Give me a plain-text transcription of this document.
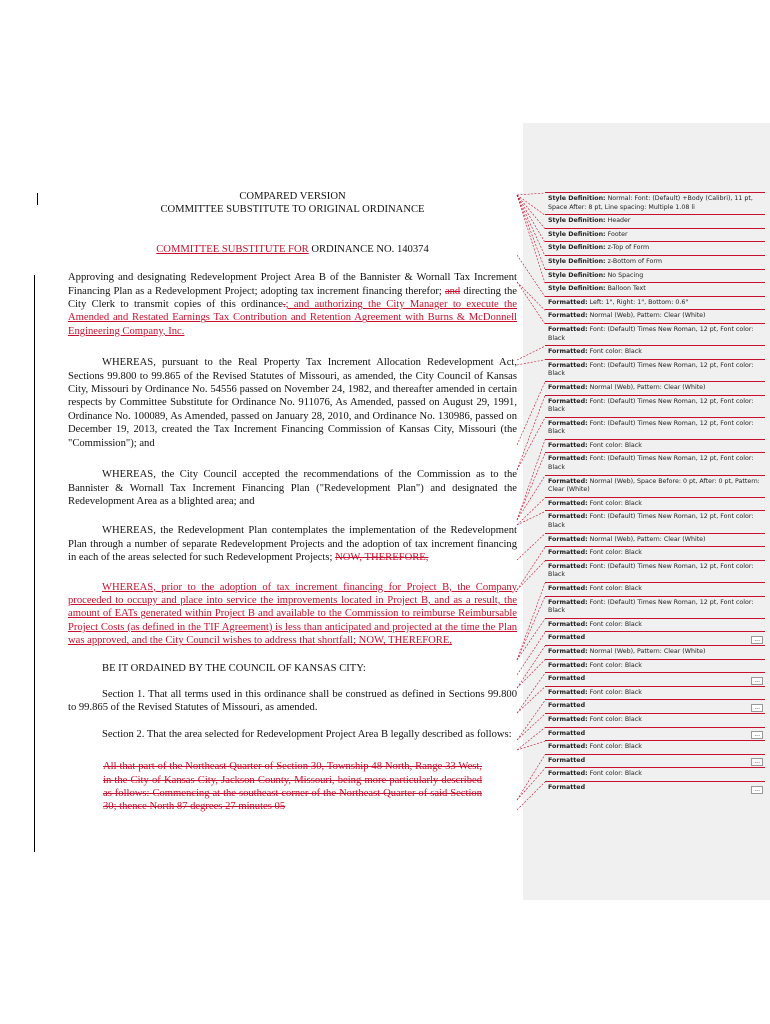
COMPARED VERSION

COMMITTEE SUBSTITUTE TO ORIGINAL ORDINANCE

COMMITTEE SUBSTITUTE FOR ORDINANCE NO. 140374

Approving and designating Redevelopment Project Area B of the Bannister & Wornall Tax Increment Financing Plan as a Redevelopment Project; adopting tax increment financing therefor; and directing the City Clerk to transmit copies of this ordinance.; and authorizing the City Manager to execute the Amended and Restated Earnings Tax Contribution and Retention Agreement with Burns & McDonnell Engineering Company, Inc.

WHEREAS, pursuant to the Real Property Tax Increment Allocation Redevelopment Act, Sections 99.800 to 99.865 of the Revised Statutes of Missouri, as amended, the City Council of Kansas City, Missouri by Ordinance No. 54556 passed on November 24, 1982, and thereafter amended in certain respects by Committee Substitute for Ordinance No. 911076, As Amended, passed on August 29, 1991, Ordinance No. 100089, As Amended, passed on January 28, 2010, and Ordinance No. 130986, passed on December 19, 2013, created the Tax Increment Financing Commission of Kansas City, Missouri (the "Commission"); and

WHEREAS, the City Council accepted the recommendations of the Commission as to the Bannister & Wornall Tax Increment Financing Plan ("Redevelopment Plan") and designated the Redevelopment Area as a blighted area; and

WHEREAS, the Redevelopment Plan contemplates the implementation of the Redevelopment Plan through a number of separate Redevelopment Projects and the adoption of tax increment financing in each of the areas selected for such Redevelopment Projects; NOW, THEREFORE,

WHEREAS, prior to the adoption of tax increment financing for Project B, the Company proceeded to occupy and place into service the improvements located in Project B, and as a result, the amount of EATs generated within Project B and available to the Commission to reimburse Reimbursable Project Costs (as defined in the TIF Agreement) is less than anticipated and projected at the time the Plan was approved, and the City Council wishes to address that shortfall; NOW, THEREFORE,

BE IT ORDAINED BY THE COUNCIL OF KANSAS CITY:

Section 1. That all terms used in this ordinance shall be construed as defined in Sections 99.800 to 99.865 of the Revised Statutes of Missouri, as amended.

Section 2. That the area selected for Redevelopment Project Area B legally described as follows:

All that part of the Northeast Quarter of Section 30, Township 48 North, Range 33 West, in the City of Kansas City, Jackson County, Missouri, being more particularly described as follows: Commencing at the southeast corner of the Northeast Quarter of said Section 30; thence North 87 degrees 27 minutes 05

Style Definition: Normal: Font: (Default) +Body (Calibri), 11 pt, Space After: 8 pt, Line spacing: Multiple 1.08 li
Style Definition: Header
Style Definition: Footer
Style Definition: z-Top of Form
Style Definition: z-Bottom of Form
Style Definition: No Spacing
Style Definition: Balloon Text
Formatted: Left: 1", Right: 1", Bottom: 0.6"
Formatted: Normal (Web), Pattern: Clear (White)
Formatted: Font: (Default) Times New Roman, 12 pt, Font color: Black
Formatted: Font color: Black
Formatted: Font: (Default) Times New Roman, 12 pt, Font color: Black
Formatted: Normal (Web), Pattern: Clear (White)
Formatted: Font: (Default) Times New Roman, 12 pt, Font color: Black
Formatted: Font: (Default) Times New Roman, 12 pt, Font color: Black
Formatted: Font color: Black
Formatted: Font: (Default) Times New Roman, 12 pt, Font color: Black
Formatted: Normal (Web), Space Before: 0 pt, After: 0 pt, Pattern: Clear (White)
Formatted: Font color: Black
Formatted: Font: (Default) Times New Roman, 12 pt, Font color: Black
Formatted: Normal (Web), Pattern: Clear (White)
Formatted: Font color: Black
Formatted: Font: (Default) Times New Roman, 12 pt, Font color: Black
Formatted: Font color: Black
Formatted: Font: (Default) Times New Roman, 12 pt, Font color: Black
Formatted: Font color: Black
Formatted	...
Formatted: Normal (Web), Pattern: Clear (White)
Formatted: Font color: Black
Formatted	...
Formatted: Font color: Black
Formatted	...
Formatted: Font color: Black
Formatted	...
Formatted: Font color: Black
Formatted	...
Formatted: Font color: Black
Formatted	...
